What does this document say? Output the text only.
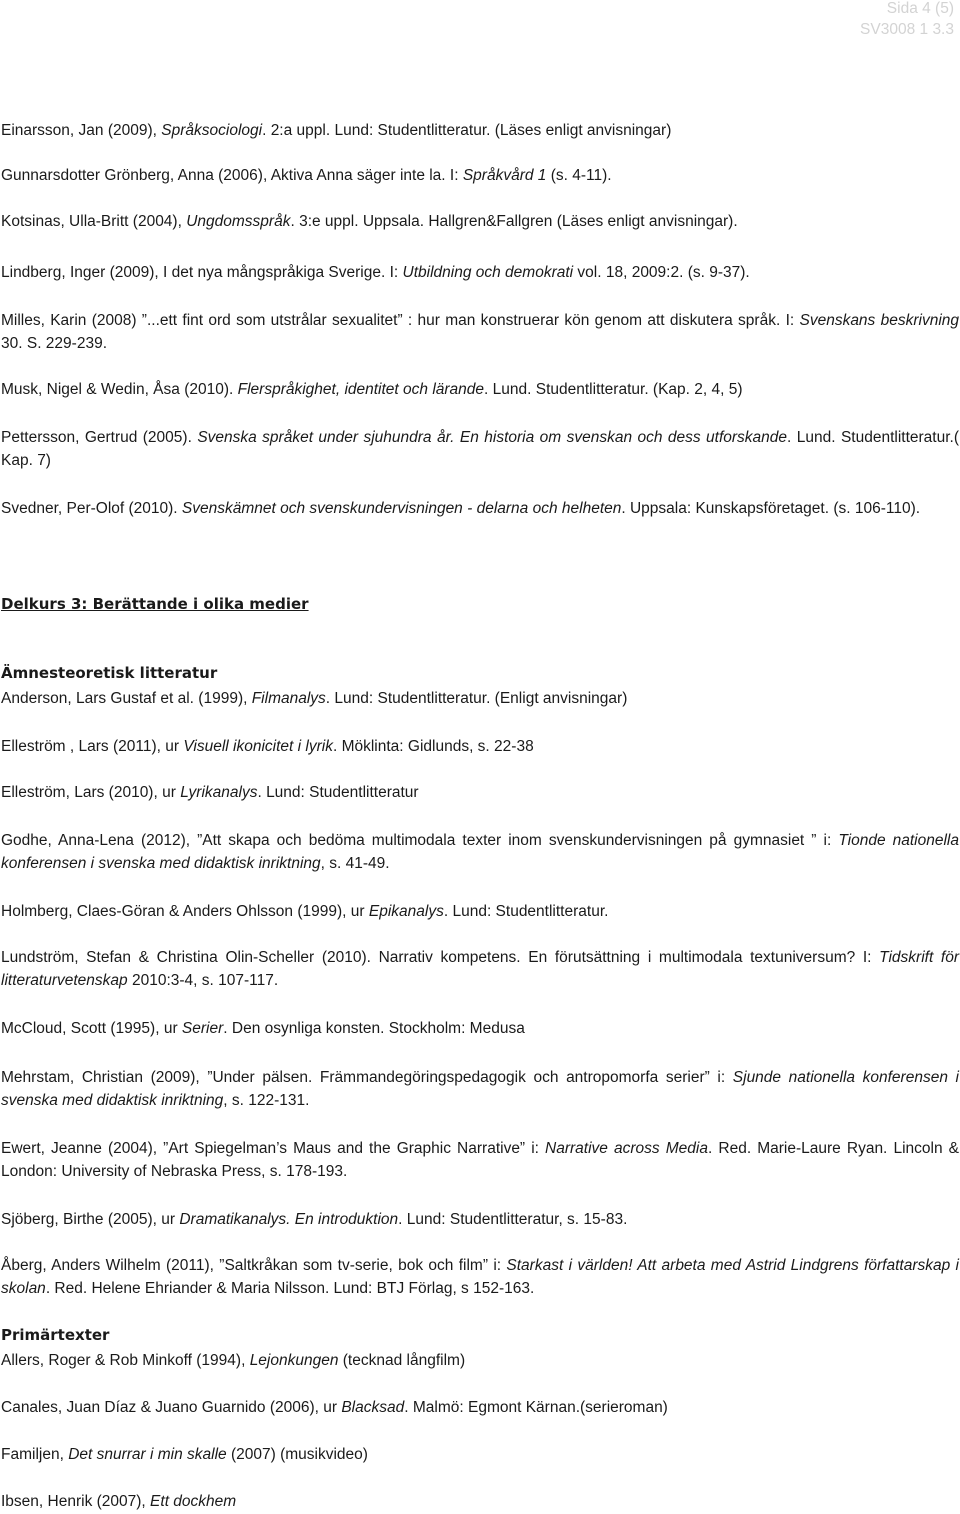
Sida 4 (5)
SV3008 1 3.3

Einarsson, Jan (2009), Språksociologi. 2:a uppl. Lund: Studentlitteratur. (Läses enligt anvisningar)

Gunnarsdotter Grönberg, Anna (2006), Aktiva Anna säger inte la. I: Språkvård 1 (s. 4-11).

Kotsinas, Ulla-Britt (2004), Ungdomsspråk. 3:e uppl. Uppsala. Hallgren&Fallgren (Läses enligt anvisningar).

Lindberg, Inger (2009), I det nya mångspråkiga Sverige. I: Utbildning och demokrati vol. 18, 2009:2. (s. 9-37).

Milles, Karin (2008) ”...ett fint ord som utstrålar sexualitet” : hur man konstruerar kön genom att diskutera språk. I: Svenskans beskrivning 30. S. 229-239.

Musk, Nigel & Wedin, Åsa (2010). Flerspråkighet, identitet och lärande. Lund. Studentlitteratur. (Kap. 2, 4, 5)

Pettersson, Gertrud (2005). Svenska språket under sjuhundra år. En historia om svenskan och dess utforskande. Lund. Studentlitteratur.( Kap. 7)

Svedner, Per-Olof (2010). Svenskämnet och svenskundervisningen - delarna och helheten. Uppsala: Kunskapsföretaget. (s. 106-110).

Delkurs 3: Berättande i olika medier
Ämnesteoretisk litteratur

Anderson, Lars Gustaf et al. (1999), Filmanalys. Lund: Studentlitteratur. (Enligt anvisningar)

Elleström , Lars (2011), ur Visuell ikonicitet i lyrik. Möklinta: Gidlunds, s. 22-38

Elleström, Lars (2010), ur Lyrikanalys. Lund: Studentlitteratur

Godhe, Anna-Lena (2012), ”Att skapa och bedöma multimodala texter inom svenskundervisningen på gymnasiet ” i: Tionde nationella konferensen i svenska med didaktisk inriktning, s. 41-49.

Holmberg, Claes-Göran & Anders Ohlsson (1999), ur Epikanalys. Lund: Studentlitteratur.

Lundström, Stefan & Christina Olin-Scheller (2010). Narrativ kompetens. En förutsättning i multimodala textuniversum? I: Tidskrift för litteraturvetenskap 2010:3-4, s. 107-117.

McCloud, Scott (1995), ur Serier. Den osynliga konsten. Stockholm: Medusa

Mehrstam, Christian (2009), ”Under pälsen. Främmandegöringspedagogik och antropomorfa serier” i: Sjunde nationella konferensen i svenska med didaktisk inriktning, s. 122-131.

Ewert, Jeanne (2004), ”Art Spiegelman’s Maus and the Graphic Narrative” i: Narrative across Media. Red. Marie-Laure Ryan. Lincoln & London: University of Nebraska Press, s. 178-193.

Sjöberg, Birthe (2005), ur Dramatikanalys. En introduktion. Lund: Studentlitteratur, s. 15-83.

Åberg, Anders Wilhelm (2011), ”Saltkråkan som tv-serie, bok och film” i: Starkast i världen! Att arbeta med Astrid Lindgrens författarskap i skolan. Red. Helene Ehriander & Maria Nilsson. Lund: BTJ Förlag, s 152-163.

Primärtexter

Allers, Roger & Rob Minkoff (1994), Lejonkungen (tecknad långfilm)

Canales, Juan Díaz & Juano Guarnido (2006), ur Blacksad. Malmö: Egmont Kärnan.(serieroman)

Familjen, Det snurrar i min skalle (2007) (musikvideo)

Ibsen, Henrik (2007), Ett dockhem
